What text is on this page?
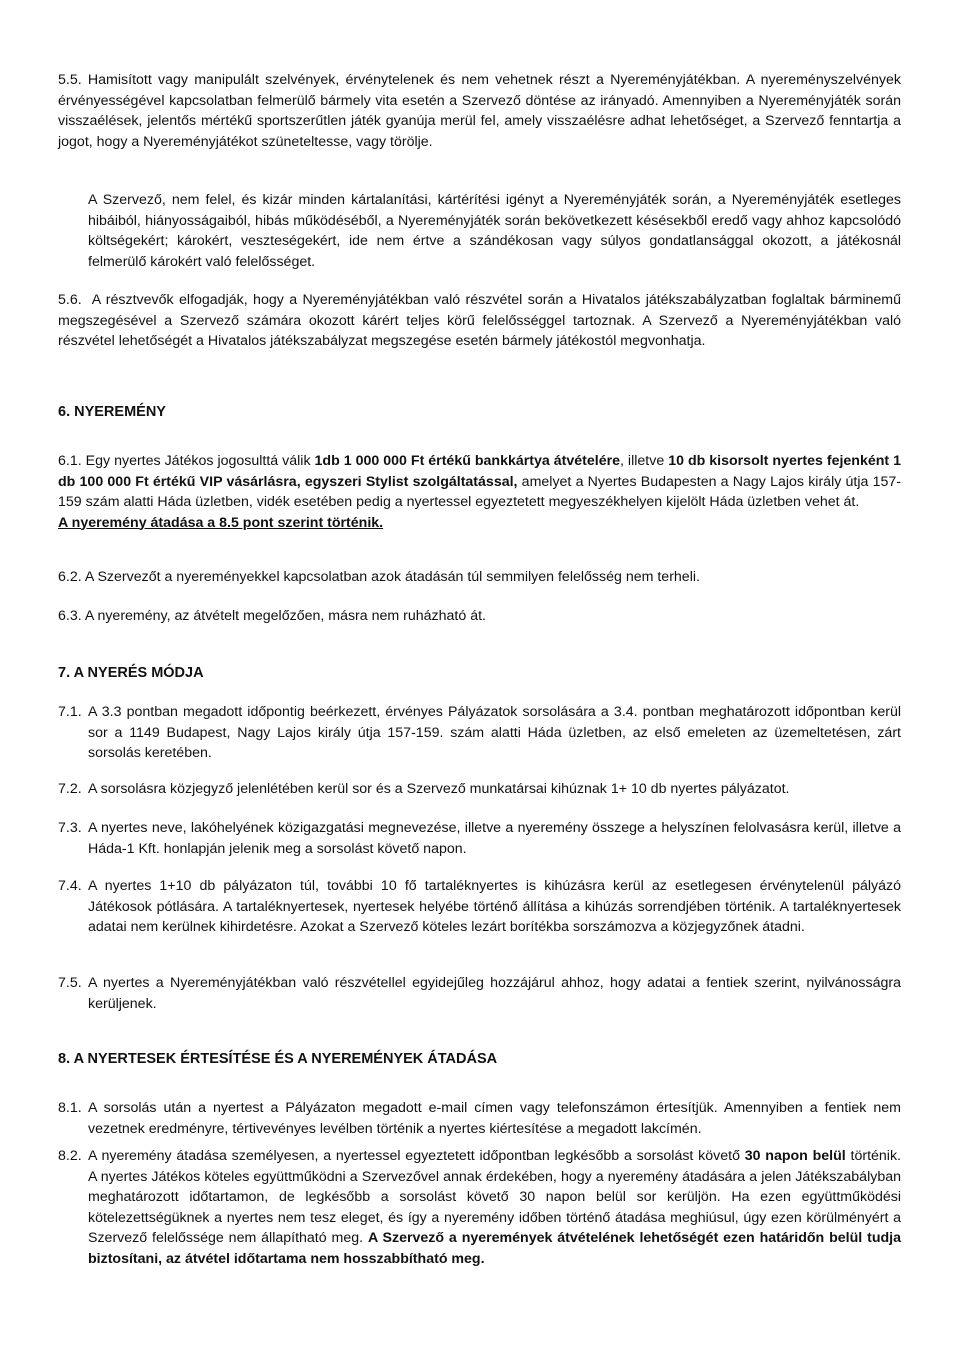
5.5. Hamisított vagy manipulált szelvények, érvénytelenek és nem vehetnek részt a Nyereményjátékban. A nyereményszelvények érvényességével kapcsolatban felmerülő bármely vita esetén a Szervező döntése az irányadó. Amennyiben a Nyereményjáték során visszaélések, jelentős mértékű sportszerűtlen játék gyanúja merül fel, amely visszaélésre adhat lehetőséget, a Szervező fenntartja a jogot, hogy a Nyereményjátékot szüneteltesse, vagy törölje.
A Szervező, nem felel, és kizár minden kártalanítási, kártérítési igényt a Nyereményjáték során, a Nyereményjáték esetleges hibáiból, hiányosságaiból, hibás működéséből, a Nyereményjáték során bekövetkezett késésekből eredő vagy ahhoz kapcsolódó költségekért; károkért, veszteségekért, ide nem értve a szándékosan vagy súlyos gondatlansággal okozott, a játékosnál felmerülő károkért való felelősséget.
5.6. A résztvevők elfogadják, hogy a Nyereményjátékban való részvétel során a Hivatalos játékszabályzatban foglaltak bárminemű megszegésével a Szervező számára okozott kárért teljes körű felelősséggel tartoznak. A Szervező a Nyereményjátékban való részvétel lehetőségét a Hivatalos játékszabályzat megszegése esetén bármely játékostól megvonhatja.
6. NYEREMÉNY
6.1. Egy nyertes Játékos jogosulttá válik 1db 1 000 000 Ft értékű bankkártya átvételére, illetve 10 db kisorsolt nyertes fejenként 1 db 100 000 Ft értékű VIP vásárlásra, egyszeri Stylist szolgáltatással, amelyet a Nyertes Budapesten a Nagy Lajos király útja 157- 159 szám alatti Háda üzletben, vidék esetében pedig a nyertessel egyeztetett megyeszékhelyen kijelölt Háda üzletben vehet át.
A nyeremény átadása a 8.5 pont szerint történik.
6.2. A Szervezőt a nyereményekkel kapcsolatban azok átadásán túl semmilyen felelősség nem terheli.
6.3. A nyeremény, az átvételt megelőzően, másra nem ruházható át.
7. A NYERÉS MÓDJA
7.1. A 3.3 pontban megadott időpontig beérkezett, érvényes Pályázatok sorsolására a 3.4. pontban meghatározott időpontban kerül sor a 1149 Budapest, Nagy Lajos király útja 157-159. szám alatti Háda üzletben, az első emeleten az üzemeltetésen, zárt sorsolás keretében.
7.2. A sorsolásra közjegyző jelenlétében kerül sor és a Szervező munkatársai kihúznak 1+ 10 db nyertes pályázatot.
7.3. A nyertes neve, lakóhelyének közigazgatási megnevezése, illetve a nyeremény összege a helyszínen felolvasásra kerül, illetve a Háda-1 Kft. honlapján jelenik meg a sorsolást követő napon.
7.4. A nyertes 1+10 db pályázaton túl, további 10 fő tartaléknyertes is kihúzásra kerül az esetlegesen érvénytelenül pályázó Játékosok pótlására. A tartaléknyertesek, nyertesek helyébe történő állítása a kihúzás sorrendjében történik. A tartaléknyertesek adatai nem kerülnek kihirdetésre. Azokat a Szervező köteles lezárt borítékba sorszámozva a közjegyzőnek átadni.
7.5. A nyertes a Nyereményjátékban való részvétellel egyidejűleg hozzájárul ahhoz, hogy adatai a fentiek szerint, nyilvánosságra kerüljenek.
8. A NYERTESEK ÉRTESÍTÉSE ÉS A NYEREMÉNYEK ÁTADÁSA
8.1. A sorsolás után a nyertest a Pályázaton megadott e-mail címen vagy telefonszámon értesítjük. Amennyiben a fentiek nem vezetnek eredményre, tértivevényes levélben történik a nyertes kiértesítése a megadott lakcímén.
8.2. A nyeremény átadása személyesen, a nyertessel egyeztetett időpontban legkésőbb a sorsolást követő 30 napon belül történik. A nyertes Játékos köteles együttműködni a Szervezővel annak érdekében, hogy a nyeremény átadására a jelen Játékszabályban meghatározott időtartamon, de legkésőbb a sorsolást követő 30 napon belül sor kerüljön. Ha ezen együttműködési kötelezettségüknek a nyertes nem tesz eleget, és így a nyeremény időben történő átadása meghiúsul, úgy ezen körülményért a Szervező felelőssége nem állapítható meg. A Szervező a nyeremények átvételének lehetőségét ezen határidőn belül tudja biztosítani, az átvétel időtartama nem hosszabbítható meg.
